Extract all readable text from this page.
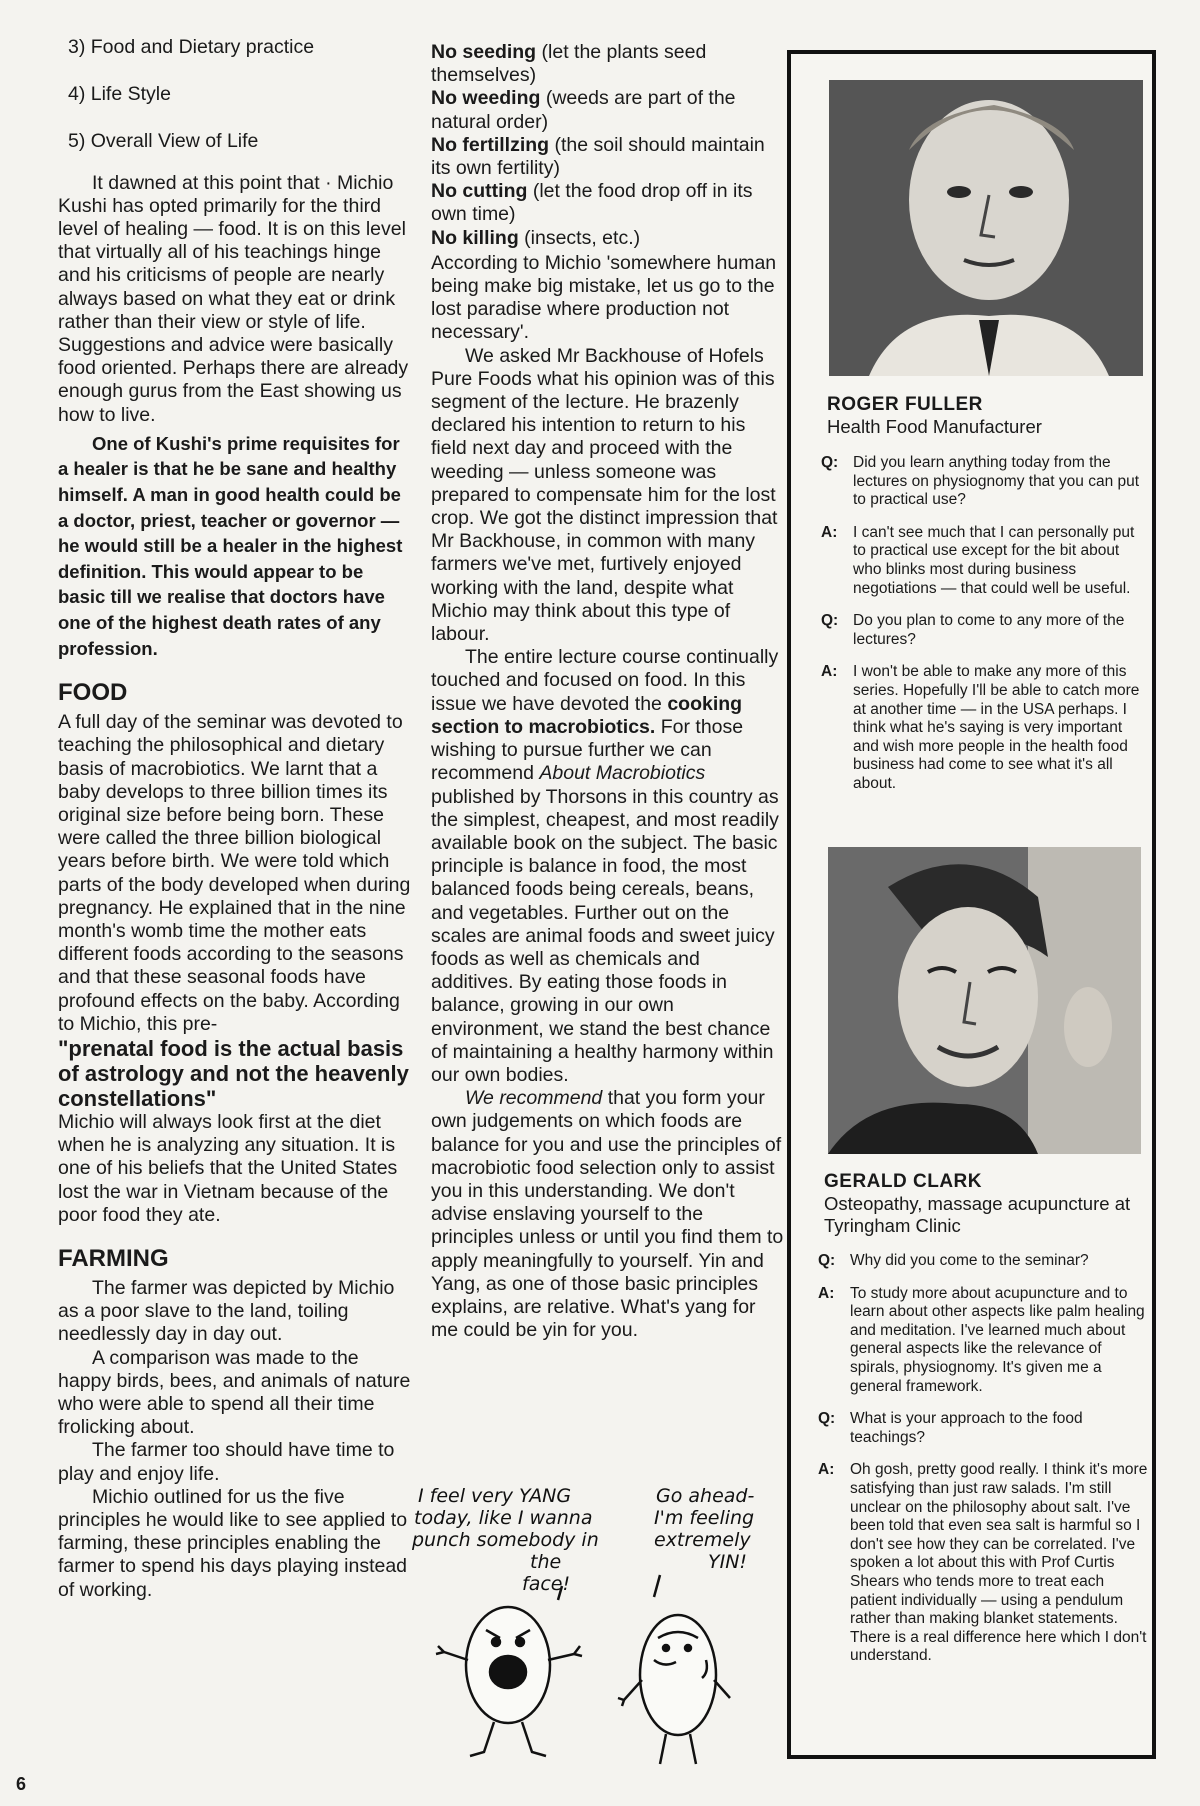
3) Food and Dietary practice

4) Life Style

5) Overall View of Life

It dawned at this point that · Michio Kushi has opted primarily for the third level of healing — food. It is on this level that virtually all of his teachings hinge and his criticisms of people are nearly always based on what they eat or drink rather than their view or style of life. Suggestions and advice were basically food oriented. Perhaps there are already enough gurus from the East showing us how to live.

One of Kushi's prime requisites for a healer is that he be sane and healthy himself. A man in good health could be a doctor, priest, teacher or governor — he would still be a healer in the highest definition. This would appear to be basic till we realise that doctors have one of the highest death rates of any profession.

FOOD

A full day of the seminar was devoted to teaching the philosophical and dietary basis of macrobiotics. We larnt that a baby develops to three billion times its original size before being born. These were called the three billion biological years before birth. We were told which parts of the body developed when during pregnancy. He explained that in the nine month's womb time the mother eats different foods according to the seasons and that these seasonal foods have profound effects on the baby. According to Michio, this pre-

"prenatal food is the actual basis of astrology and not the heavenly constellations"

Michio will always look first at the diet when he is analyzing any situation. It is one of his beliefs that the United States lost the war in Vietnam because of the poor food they ate.

FARMING

The farmer was depicted by Michio as a poor slave to the land, toiling needlessly day in day out.

A comparison was made to the happy birds, bees, and animals of nature who were able to spend all their time frolicking about.

The farmer too should have time to play and enjoy life.

Michio outlined for us the five principles he would like to see applied to farming, these principles enabling the farmer to spend his days playing instead of working.

No seeding (let the plants seed themselves)

No weeding (weeds are part of the natural order)

No fertillzing (the soil should maintain its own fertility)

No cutting (let the food drop off in its own time)

No killing (insects, etc.)

According to Michio 'somewhere human being make big mistake, let us go to the lost paradise where production not necessary'.

We asked Mr Backhouse of Hofels Pure Foods what his opinion was of this segment of the lecture. He brazenly declared his intention to return to his field next day and proceed with the weeding — unless someone was prepared to compensate him for the lost crop. We got the distinct impression that Mr Backhouse, in common with many farmers we've met, furtively enjoyed working with the land, despite what Michio may think about this type of labour.

The entire lecture course continually touched and focused on food. In this issue we have devoted the cooking section to macrobiotics. For those wishing to pursue further we can recommend About Macrobiotics published by Thorsons in this country as the simplest, cheapest, and most readily available book on the subject. The basic principle is balance in food, the most balanced foods being cereals, beans, and vegetables. Further out on the scales are animal foods and sweet juicy foods as well as chemicals and additives. By eating those foods in balance, growing in our own environment, we stand the best chance of maintaining a healthy harmony within our own bodies.

We recommend that you form your own judgements on which foods are balance for you and use the principles of macrobiotic food selection only to assist you in this understanding. We don't advise enslaving yourself to the principles unless or until you find them to apply meaningfully to yourself. Yin and Yang, as one of those basic principles explains, are relative. What's yang for me could be yin for you.

I feel very YANG
today, like I wanna
punch somebody in
the
face!
Go ahead-
I'm feeling
extremely
YIN!
ROGER FULLER
Health Food Manufacturer
Q: Did you learn anything today from the lectures on physiognomy that you can put to practical use?
A:	I can't see much that I can personally put to practical use except for the bit about who blinks most during business negotiations — that could well be useful.
Q: Do you plan to come to any more of the lectures?
A:	I won't be able to make any more of this series. Hopefully I'll be able to catch more at another time — in the USA perhaps. I think what he's saying is very important and wish more people in the health food business had come to see what it's all about.
GERALD CLARK
Osteopathy, massage acupuncture at Tyringham Clinic
Q: Why did you come to the seminar?
A:	To study more about acupuncture and to learn about other aspects like palm healing and meditation. I've learned much about general aspects like the relevance of spirals, physiognomy. It's given me a general framework.
Q: What is your approach to the food teachings?
A:	Oh gosh, pretty good really. I think it's more satisfying than just raw salads. I'm still unclear on the philosophy about salt. I've been told that even sea salt is harmful so I don't see how they can be correlated. I've spoken a lot about this with Prof Curtis Shears who tends more to treat each patient individually — using a pendulum rather than making blanket statements. There is a real difference here which I don't understand.
6
